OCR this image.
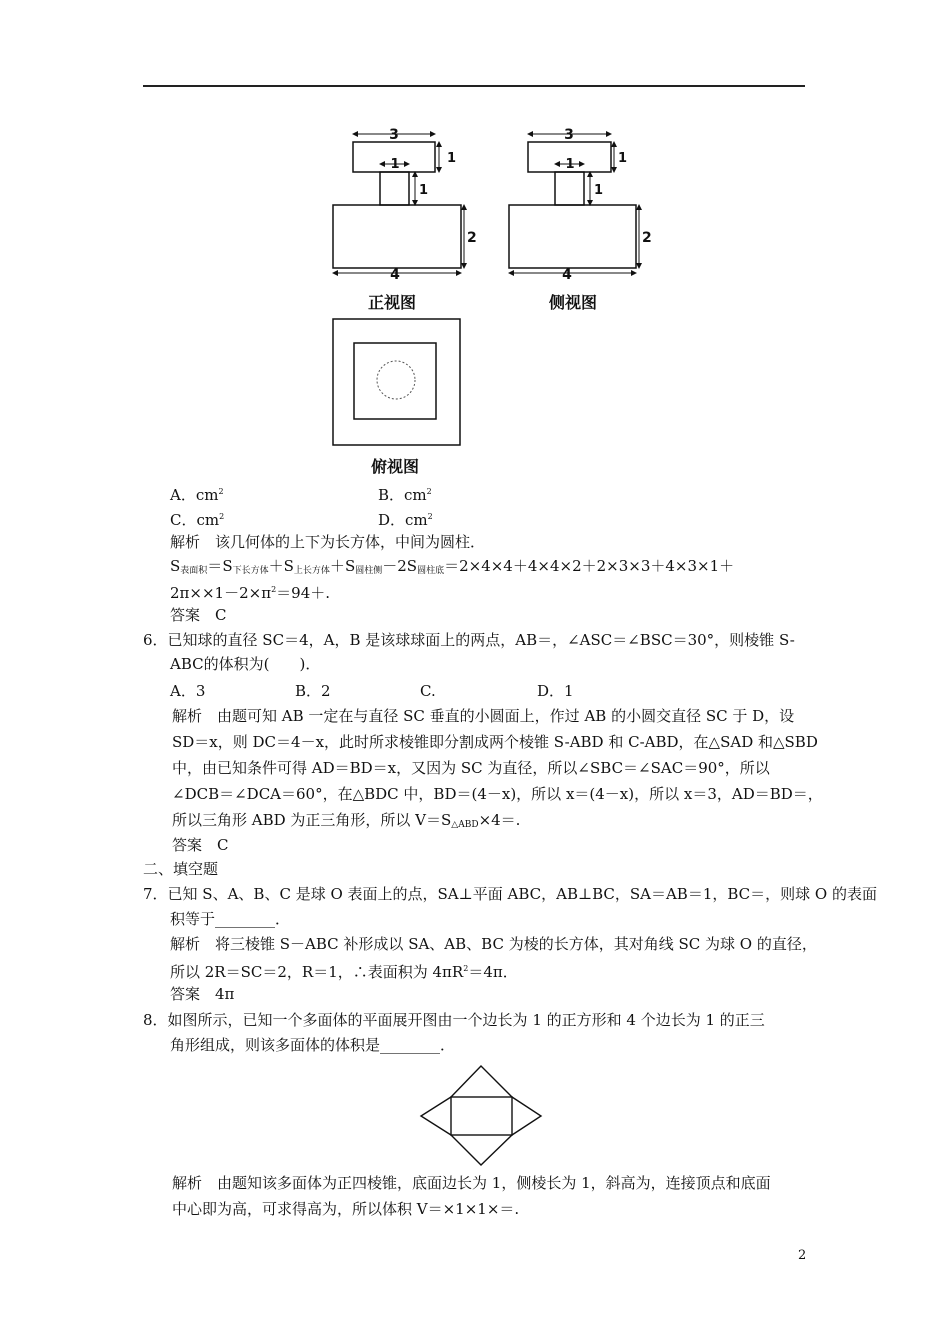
3
1	1
1
2
4
正视图
3
1	1
1
2
4
侧视图
俯视图
A．$cm^2$	B．$cm^2$
C．$cm^2$	D．$cm^2$
解析　该几何体的上下为长方体，中间为圆柱．
$S_{表面积}=S_{下长方体}+S_{上长方体}+S_{圆柱侧}-2S_{圆柱底}=2\times 4\times 4+4\times 4\times 2+2\times 3\times 3+4\times 3\times 1+$
$2\pi\times\times 1-2\times\pi^2=94+$.
答案　C
6．已知球的直径 SC＝4，A，B 是该球球面上的两点，AB＝，∠ASC＝∠BSC＝30°，则棱锥 S-
ABC的体积为(　　)．
A．3	B．2	C.	D．1
解析　由题可知 AB 一定在与直径 SC 垂直的小圆面上，作过 AB 的小圆交直径 SC 于 D，设
SD＝x，则 DC＝4－x，此时所求棱锥即分割成两个棱锥 S-ABD 和 C-ABD，在△SAD 和△SBD
中，由已知条件可得 AD＝BD＝x，又因为 SC 为直径，所以∠SBC＝∠SAC＝90°，所以
∠DCB＝∠DCA＝60°，在△BDC 中，BD＝(4－x)，所以 x＝(4－x)，所以 x＝3，AD＝BD＝，
所以三角形 ABD 为正三角形，所以 $V=S_{\triangle ABD}\times 4=$.
答案　C
二、填空题
7．已知 S、A、B、C 是球 O 表面上的点，SA⊥平面 ABC，AB⊥BC，SA＝AB＝1，BC＝，则球 O 的表面
积等于________．
解析　将三棱锥 S－ABC 补形成以 SA、AB、BC 为棱的长方体，其对角线 SC 为球 O 的直径，
所以 2R＝SC＝2，R＝1，∴表面积为 $4\pi R^2=4\pi$．
答案　4π
8．如图所示，已知一个多面体的平面展开图由一个边长为 1 的正方形和 4 个边长为 1 的正三
角形组成，则该多面体的体积是________．
解析　由题知该多面体为正四棱锥，底面边长为 1，侧棱长为 1，斜高为，连接顶点和底面
中心即为高，可求得高为，所以体积 V＝×1×1×＝.
2
